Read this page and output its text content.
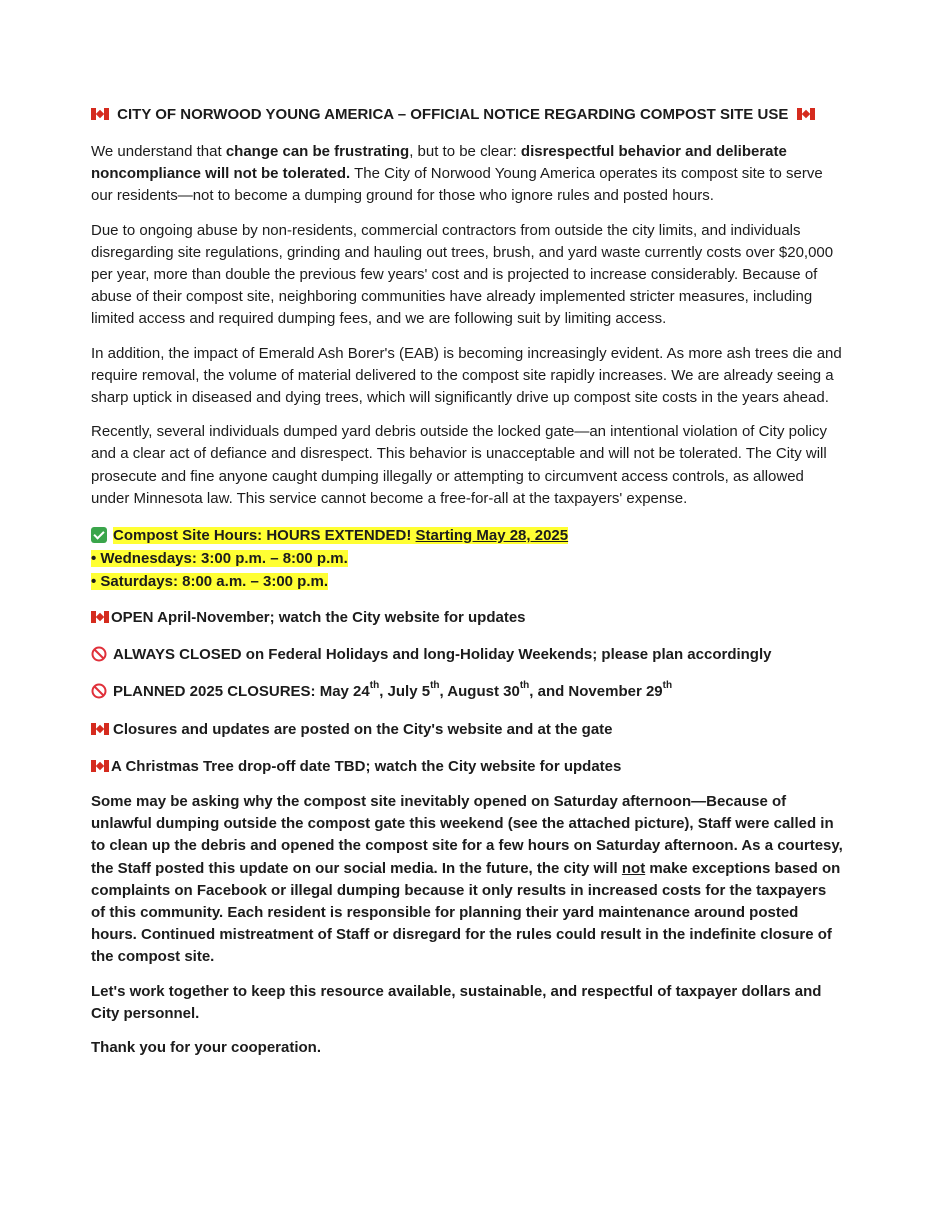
CITY OF NORWOOD YOUNG AMERICA – OFFICIAL NOTICE REGARDING COMPOST SITE USE

We understand that change can be frustrating, but to be clear: disrespectful behavior and deliberate noncompliance will not be tolerated. The City of Norwood Young America operates its compost site to serve our residents—not to become a dumping ground for those who ignore rules and posted hours.

Due to ongoing abuse by non-residents, commercial contractors from outside the city limits, and individuals disregarding site regulations, grinding and hauling out trees, brush, and yard waste currently costs over $20,000 per year, more than double the previous few years' cost and is projected to increase considerably. Because of abuse of their compost site, neighboring communities have already implemented stricter measures, including limited access and required dumping fees, and we are following suit by limiting access.

In addition, the impact of Emerald Ash Borer's (EAB) is becoming increasingly evident. As more ash trees die and require removal, the volume of material delivered to the compost site rapidly increases. We are already seeing a sharp uptick in diseased and dying trees, which will significantly drive up compost site costs in the years ahead.

Recently, several individuals dumped yard debris outside the locked gate—an intentional violation of City policy and a clear act of defiance and disrespect. This behavior is unacceptable and will not be tolerated. The City will prosecute and fine anyone caught dumping illegally or attempting to circumvent access controls, as allowed under Minnesota law. This service cannot become a free-for-all at the taxpayers' expense.

Compost Site Hours: HOURS EXTENDED! Starting May 28, 2025

• Wednesdays: 3:00 p.m. – 8:00 p.m.

• Saturdays: 8:00 a.m. – 3:00 p.m.

OPEN April-November; watch the City website for updates

ALWAYS CLOSED on Federal Holidays and long-Holiday Weekends; please plan accordingly

PLANNED 2025 CLOSURES: May 24th, July 5th, August 30th, and November 29th

Closures and updates are posted on the City's website and at the gate

A Christmas Tree drop-off date TBD; watch the City website for updates

Some may be asking why the compost site inevitably opened on Saturday afternoon—Because of unlawful dumping outside the compost gate this weekend (see the attached picture), Staff were called in to clean up the debris and opened the compost site for a few hours on Saturday afternoon. As a courtesy, the Staff posted this update on our social media. In the future, the city will not make exceptions based on complaints on Facebook or illegal dumping because it only results in increased costs for the taxpayers of this community. Each resident is responsible for planning their yard maintenance around posted hours. Continued mistreatment of Staff or disregard for the rules could result in the indefinite closure of the compost site.

Let's work together to keep this resource available, sustainable, and respectful of taxpayer dollars and City personnel.

Thank you for your cooperation.
